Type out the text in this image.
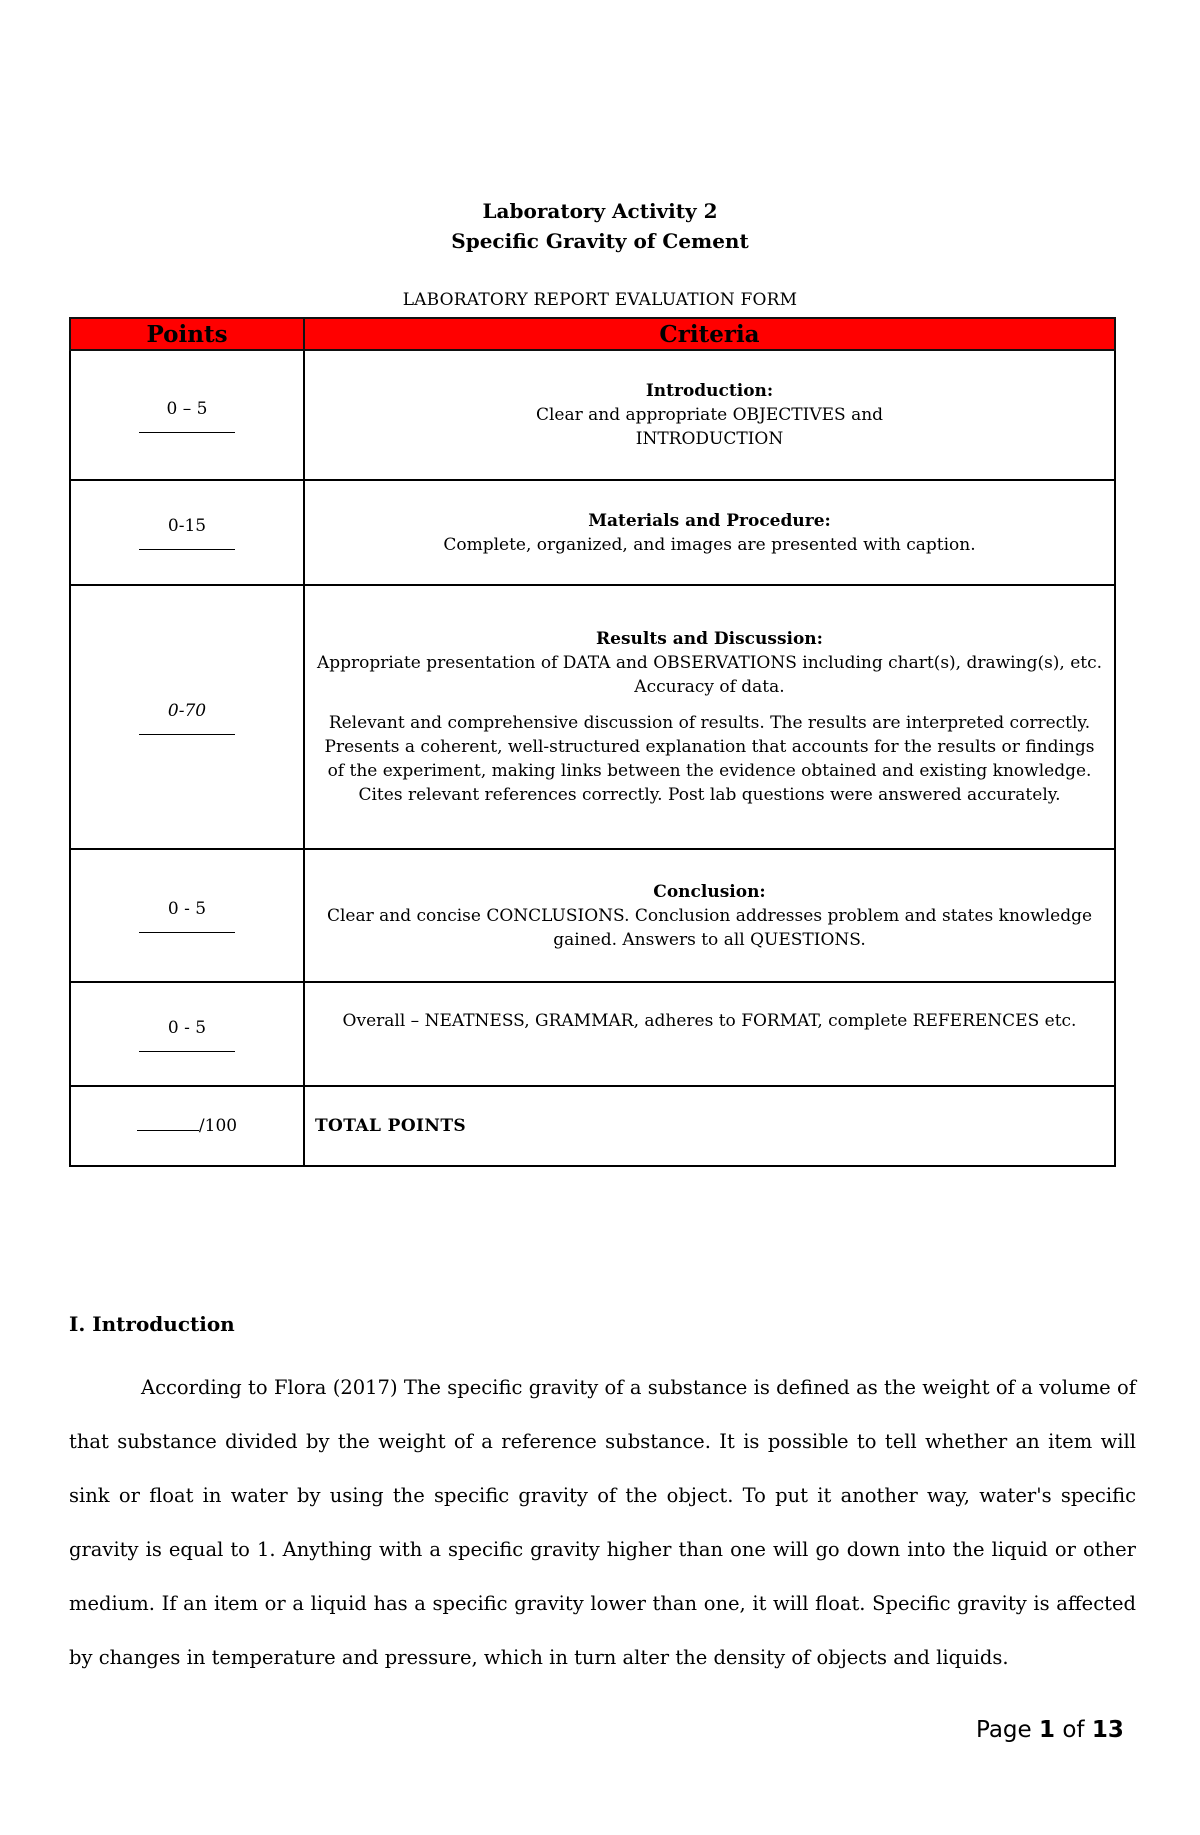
Laboratory Activity 2
Specific Gravity of Cement
LABORATORY REPORT EVALUATION FORM
Points	Criteria

0 – 5	Introduction:
Clear and appropriate OBJECTIVES and INTRODUCTION

0-15	Materials and Procedure:
Complete, organized, and images are presented with caption.

0-70	Results and Discussion:
Appropriate presentation of DATA and OBSERVATIONS including chart(s), drawing(s), etc. Accuracy of data.

Relevant and comprehensive discussion of results. The results are interpreted correctly. Presents a coherent, well-structured explanation that accounts for the results or findings of the experiment, making links between the evidence obtained and existing knowledge. Cites relevant references correctly. Post lab questions were answered accurately.

0 - 5	Conclusion:
Clear and concise CONCLUSIONS. Conclusion addresses problem and states knowledge gained. Answers to all QUESTIONS.

0 - 5	Overall – NEATNESS, GRAMMAR, adheres to FORMAT, complete REFERENCES etc.
/100	TOTAL POINTS
I. Introduction

According to Flora (2017) The specific gravity of a substance is defined as the weight of a volume of that substance divided by the weight of a reference substance. It is possible to tell whether an item will sink or float in water by using the specific gravity of the object. To put it another way, water's specific gravity is equal to 1. Anything with a specific gravity higher than one will go down into the liquid or other medium. If an item or a liquid has a specific gravity lower than one, it will float. Specific gravity is affected by changes in temperature and pressure, which in turn alter the density of objects and liquids.

Page 1 of 13
